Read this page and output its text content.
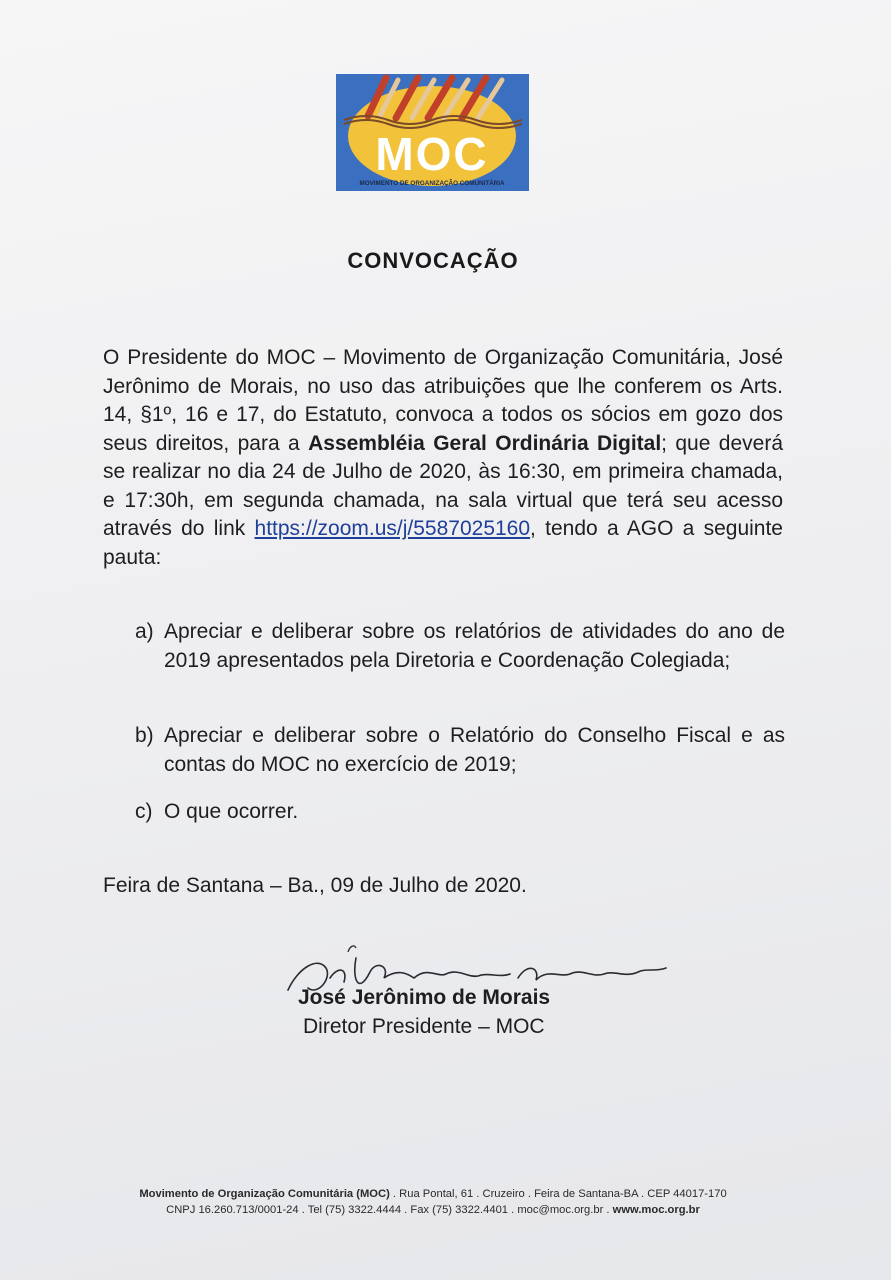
MOC
MOVIMENTO DE ORGANIZAÇÃO COMUNITÁRIA
CONVOCAÇÃO
O Presidente do MOC – Movimento de Organização Comunitária, José Jerônimo de Morais, no uso das atribuições que lhe conferem os Arts. 14, §1º, 16 e 17, do Estatuto, convoca a todos os sócios em gozo dos seus direitos, para a Assembléia Geral Ordinária Digital; que deverá se realizar no dia 24 de Julho de 2020, às 16:30, em primeira chamada, e 17:30h, em segunda chamada, na sala virtual que terá seu acesso através do link https://zoom.us/j/5587025160, tendo a AGO a seguinte pauta:
a) Apreciar e deliberar sobre os relatórios de atividades do ano de 2019 apresentados pela Diretoria e Coordenação Colegiada;
b) Apreciar e deliberar sobre o Relatório do Conselho Fiscal e as contas do MOC no exercício de 2019;
c) O que ocorrer.
Feira de Santana – Ba., 09 de Julho de 2020.
José Jerônimo de Morais
Diretor Presidente – MOC
Movimento de Organização Comunitária (MOC) . Rua Pontal, 61 . Cruzeiro . Feira de Santana-BA . CEP 44017-170
CNPJ 16.260.713/0001-24 . Tel (75) 3322.4444 . Fax (75) 3322.4401 . moc@moc.org.br . www.moc.org.br
